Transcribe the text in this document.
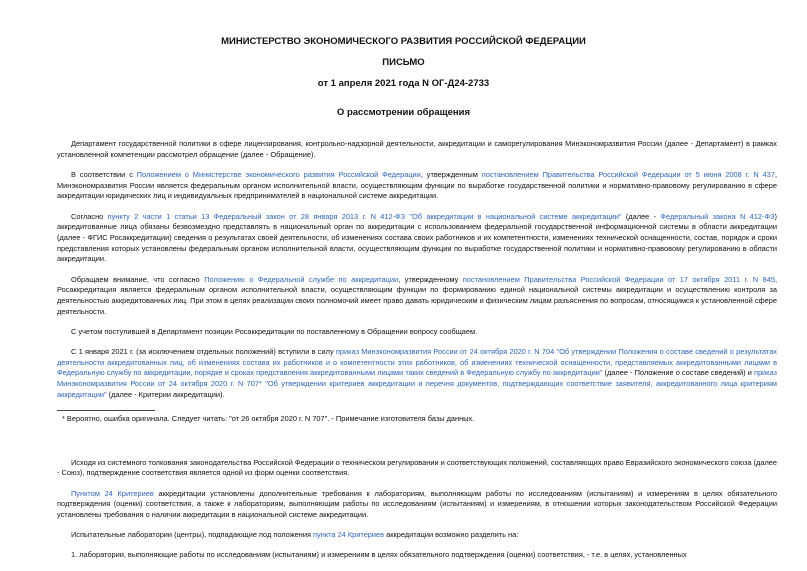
МИНИСТЕРСТВО ЭКОНОМИЧЕСКОГО РАЗВИТИЯ РОССИЙСКОЙ ФЕДЕРАЦИИ
ПИСЬМО
от 1 апреля 2021 года N ОГ-Д24-2733
О рассмотрении обращения

Департамент государственной политики в сфере лицензирования, контрольно-надзорной деятельности, аккредитации и саморегулирования Минэкономразвития России (далее - Департамент) в рамках установленной компетенции рассмотрел обращение (далее - Обращение).

В соответствии с Положением о Министерстве экономического развития Российской Федерации, утвержденным постановлением Правительства Российской Федерации от 5 июня 2008 г. N 437, Минэкономразвития России является федеральным органом исполнительной власти, осуществляющим функции по выработке государственной политики и нормативно-правовому регулированию в сфере аккредитации юридических лиц и индивидуальных предпринимателей в национальной системе аккредитации.

Согласно пункту 2 части 1 статьи 13 Федеральный закон от 28 января 2013 г. N 412-ФЗ "Об аккредитации в национальной системе аккредитации" (далее - Федеральный закона N 412-ФЗ) аккредитованные лица обязаны безвозмездно представлять в национальный орган по аккредитации с использованием федеральной государственной информационной системы в области аккредитации (далее - ФГИС Росаккредитации) сведения о результатах своей деятельности, об изменениях состава своих работников и их компетентности, изменениях технической оснащенности, состав, порядок и сроки представления которых установлены федеральным органом исполнительной власти, осуществляющим функции по выработке государственной политики и нормативно-правовому регулированию в области аккредитации.

Обращаем внимание, что согласно Положению о Федеральной службе по аккредитации, утвержденному постановлением Правительства Российской Федерации от 17 октября 2011 г. N 845, Росаккредитация является федеральным органом исполнительной власти, осуществляющим функции по формированию единой национальной системы аккредитации и осуществлению контроля за деятельностью аккредитованных лиц. При этом в целях реализации своих полномочий имеет право давать юридическим и физическим лицам разъяснения по вопросам, относящимся к установленной сфере деятельности.

С учетом поступившей в Департамент позиции Росаккредитации по поставленному в Обращении вопросу сообщаем.

С 1 января 2021 г. (за исключением отдельных положений) вступили в силу приказ Минэкономразвития России от 24 октября 2020 г. N 704 "Об утверждении Положения о составе сведений о результатах деятельности аккредитованных лиц, об изменениях состава их работников и о компетентности этих работников, об изменениях технической оснащенности, представляемых аккредитованными лицами в Федеральную службу по аккредитации, порядке и сроках представления аккредитованными лицами таких сведений в Федеральную службу по аккредитации" (далее - Положение о составе сведений) и приказ Минэкономразвития России от 24 октября 2020 г. N 707* "Об утверждении критериев аккредитации и перечня документов, подтверждающих соответствие заявителя, аккредитованного лица критериям аккредитации" (далее - Критерии аккредитации).

* Вероятно, ошибка оригинала. Следует читать: "от 26 октября 2020 г. N 707". - Примечание изготовителя базы данных.

Исходя из системного толкования законодательства Российской Федерации о техническом регулировании и соответствующих положений, составляющих право Евразийского экономического союза (далее - Союз), подтверждение соответствия является одной из форм оценки соответствия.

Пунктом 24 Критериев аккредитации установлены дополнительные требования к лабораториям, выполняющим работы по исследованиям (испытаниям) и измерениям в целях обязательного подтверждения (оценки) соответствия, а также к лабораториям, выполняющим работы по исследованиям (испытаниям) и измерениям, в отношении которых законодательством Российской Федерации установлены требования о наличии аккредитации в национальной системе аккредитации.

Испытательные лаборатории (центры), подпадающие под положения пункта 24 Критериев аккредитации возможно разделить на:

1. лаборатории, выполняющие работы по исследованиям (испытаниям) и измерениям в целях обязательного подтверждения (оценки) соответствия, - т.е. в целях, установленных
